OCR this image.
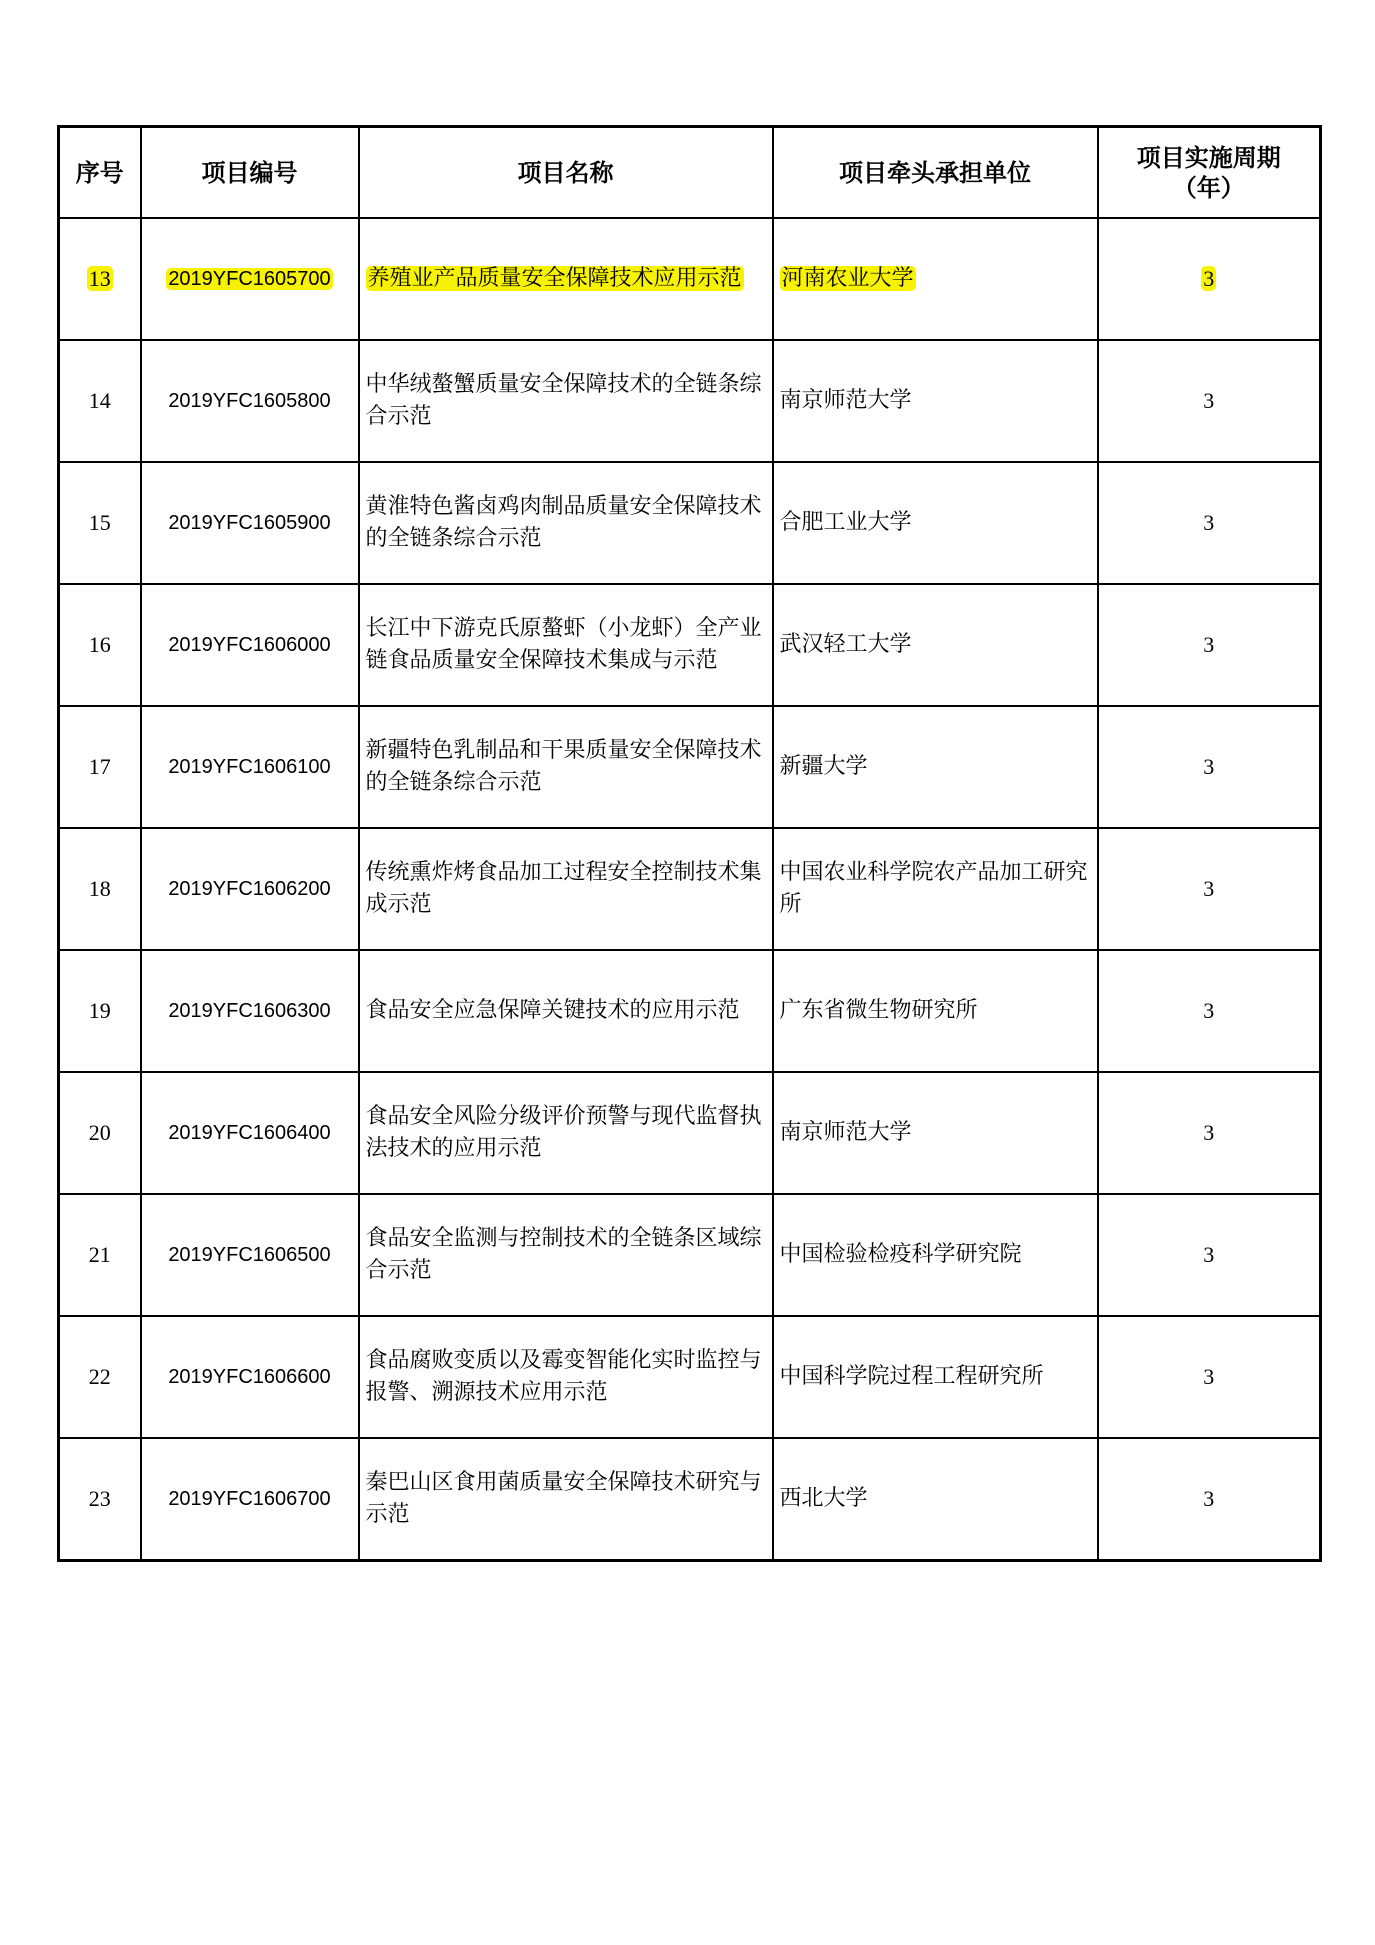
序号	项目编号	项目名称	项目牵头承担单位	项目实施周期
（年）

13	2019YFC1605700	养殖业产品质量安全保障技术应用示范	河南农业大学	3
14	2019YFC1605800	中华绒螯蟹质量安全保障技术的全链条综合示范	南京师范大学	3
15	2019YFC1605900	黄淮特色酱卤鸡肉制品质量安全保障技术的全链条综合示范	合肥工业大学	3
16	2019YFC1606000	长江中下游克氏原螯虾（小龙虾）全产业链食品质量安全保障技术集成与示范	武汉轻工大学	3
17	2019YFC1606100	新疆特色乳制品和干果质量安全保障技术的全链条综合示范	新疆大学	3
18	2019YFC1606200	传统熏炸烤食品加工过程安全控制技术集成示范	中国农业科学院农产品加工研究所	3
19	2019YFC1606300	食品安全应急保障关键技术的应用示范	广东省微生物研究所	3
20	2019YFC1606400	食品安全风险分级评价预警与现代监督执法技术的应用示范	南京师范大学	3
21	2019YFC1606500	食品安全监测与控制技术的全链条区域综合示范	中国检验检疫科学研究院	3
22	2019YFC1606600	食品腐败变质以及霉变智能化实时监控与报警、溯源技术应用示范	中国科学院过程工程研究所	3
23	2019YFC1606700	秦巴山区食用菌质量安全保障技术研究与示范	西北大学	3
